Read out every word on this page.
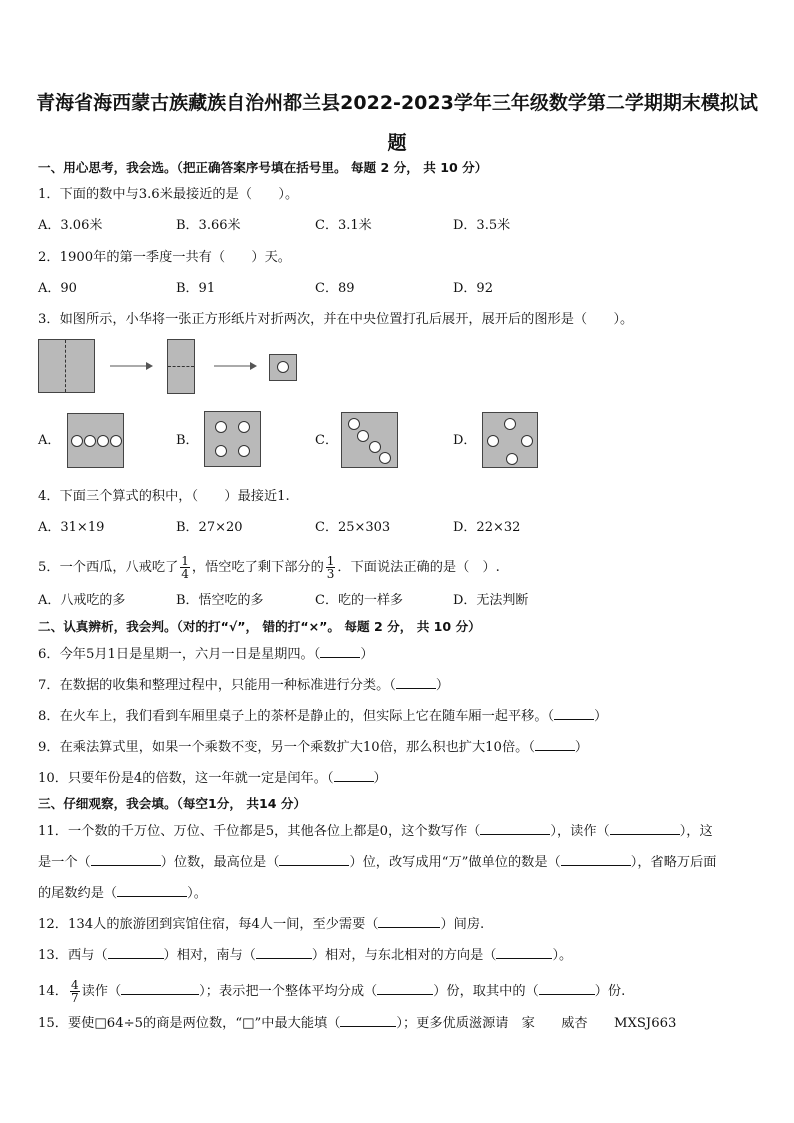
青海省海西蒙古族藏族自治州都兰县2022-2023学年三年级数学第二学期期末模拟试
题
一、用心思考，我会选。（把正确答案序号填在括号里。 每题 2 分， 共 10 分）
1．下面的数中与3.6米最接近的是（　　）。
A．3.06米	B．3.66米	C．3.1米	D．3.5米
2．1900年的第一季度一共有（　　）天。
A．90	B．91	C．89	D．92
3．如图所示，小华将一张正方形纸片对折两次，并在中央位置打孔后展开，展开后的图形是（　　）。
A．	B．	C．	D．
4．下面三个算式的积中，（　　）最接近1.
A．31×19	B．27×20	C．25×303	D．22×32
5．一个西瓜，八戒吃了 $\frac{1}{4}$ ，悟空吃了剩下部分的 $\frac{1}{3}$ ．下面说法正确的是（　）.
A．八戒吃的多	B．悟空吃的多	C．吃的一样多	D．无法判断
二、认真辨析，我会判。（对的打“√”， 错的打“×”。 每题 2 分， 共 10 分）
6．今年5月1日是星期一，六月一日是星期四。（	）
7．在数据的收集和整理过程中，只能用一种标准进行分类。（	）
8．在火车上，我们看到车厢里桌子上的茶杯是静止的，但实际上它在随车厢一起平移。（	）
9．在乘法算式里，如果一个乘数不变，另一个乘数扩大10倍，那么积也扩大10倍。（	）
10．只要年份是4的倍数，这一年就一定是闰年。（	）
三、仔细观察，我会填。（每空1分， 共14 分）
11．一个数的千万位、万位、千位都是5，其他各位上都是0，这个数写作（	），读作（	），这
是一个（	）位数，最高位是（	）位，改写成用“万”做单位的数是（	），省略万后面
的尾数约是（	）。
12．134人的旅游团到宾馆住宿，每4人一间，至少需要（	）间房.
13．西与（	）相对，南与（	）相对，与东北相对的方向是（	）。
14． $\frac{4}{7}$ 读作（	）；表示把一个整体平均分成（	）份，取其中的（	）份.
15．要使□64÷5的商是两位数，“□”中最大能填（	）；更多优质滋源请　家　　威杏　　MXSJ663
